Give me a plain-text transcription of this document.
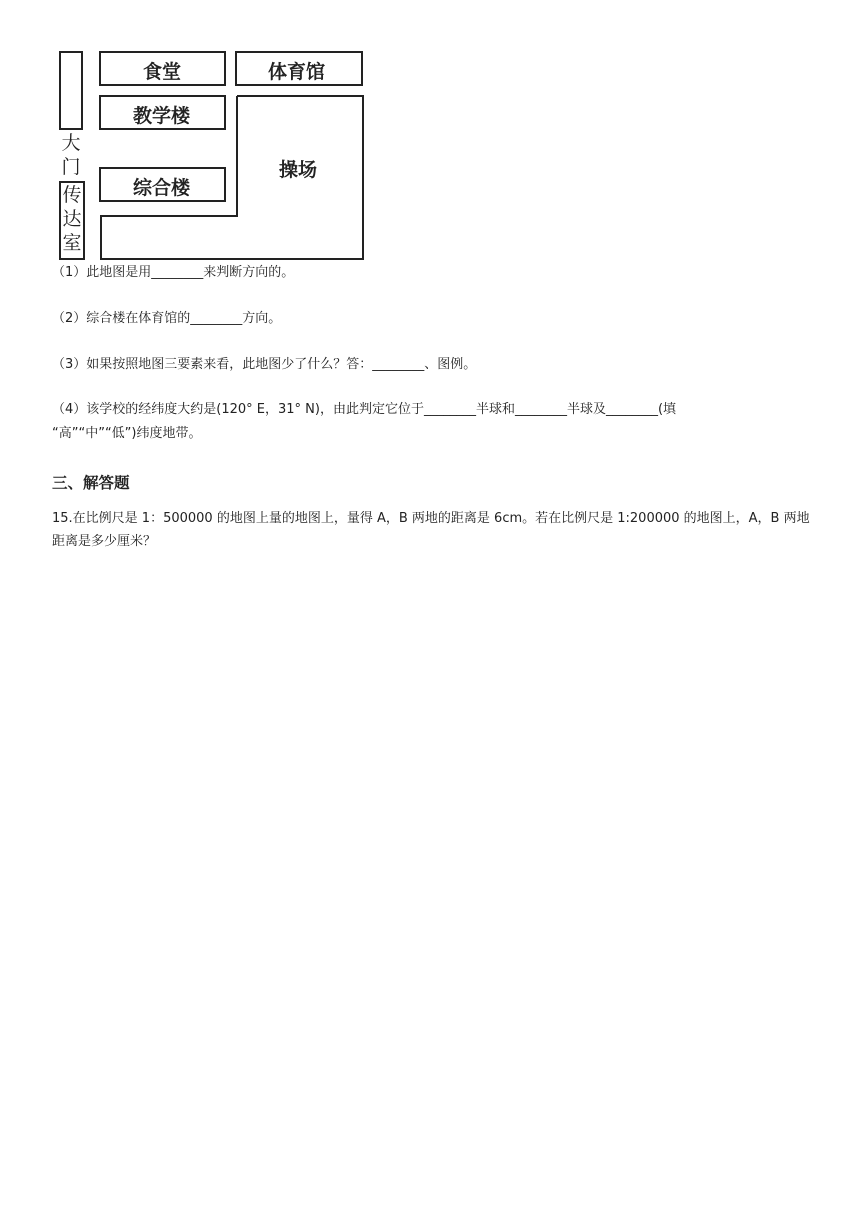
大
门
传
达
室
食堂	体育馆
教学楼
综合楼
操场
（1）此地图是用________来判断方向的。
（2）综合楼在体育馆的________方向。
（3）如果按照地图三要素来看，此地图少了什么？答：________、图例。
（4）该学校的经纬度大约是(120° E，31° N)，由此判定它位于________半球和________半球及________(填
“高”“中”“低”)纬度地带。
三、解答题
15.在比例尺是 1：500000 的地图上量的地图上，量得 A，B 两地的距离是 6cm。若在比例尺是 1:200000 的地图上，A，B 两地距离是多少厘米？
